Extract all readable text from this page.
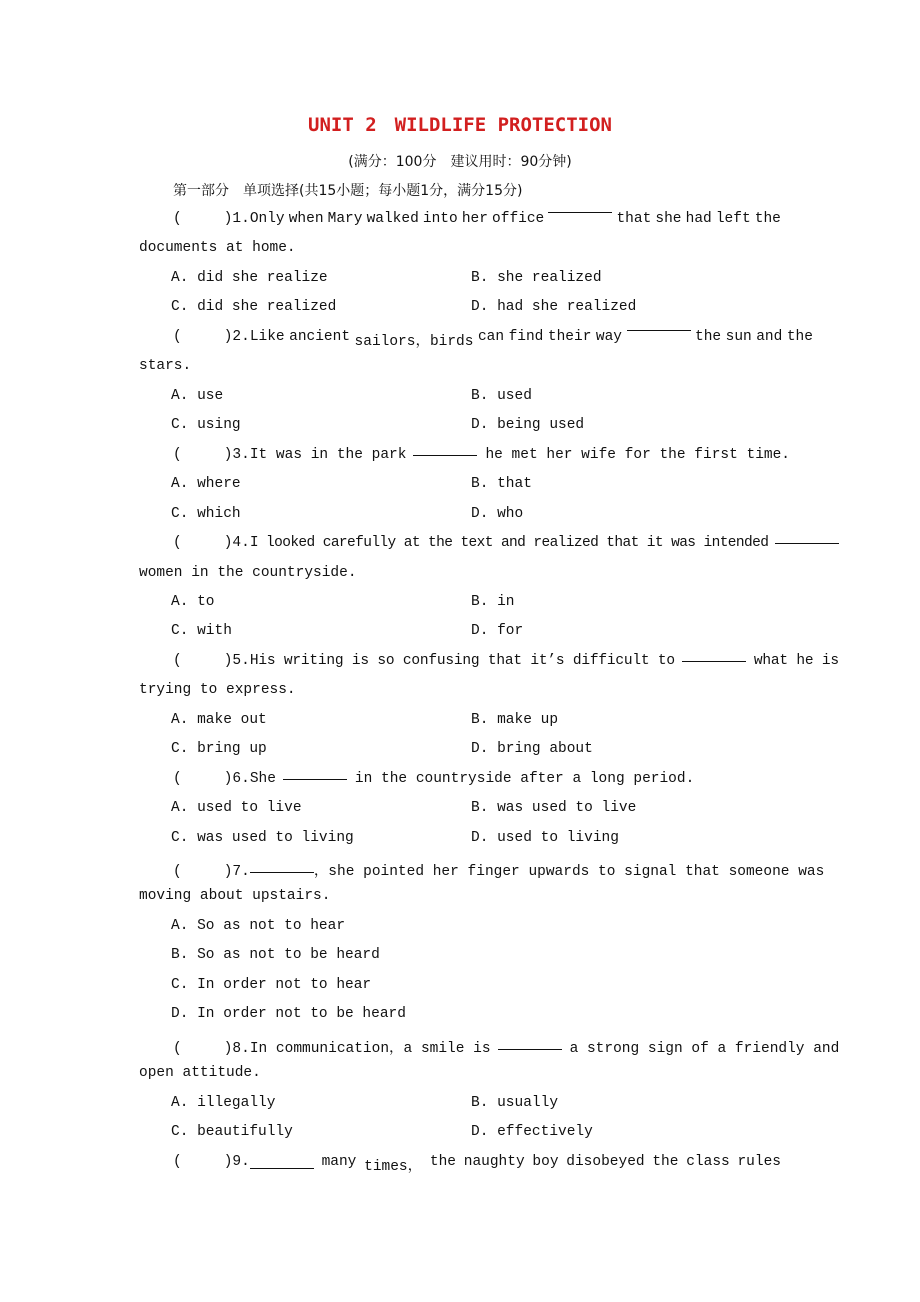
UNIT 2 WILDLIFE PROTECTION
(满分：100分　建议用时：90分钟)
第一部分　单项选择(共15小题；每小题1分，满分15分)
(	)1.Only when Mary walked into her office	that she had left the
documents at home.
A. did she realize	B. she realized
C. did she realized	D. had she realized
(	)2.Like ancient sailors，birds can find their way	the sun and the
stars.
A. use	B. used
C. using	D. being used
(	)3.It was in the park	he met her wife for the first time.
A. where	B. that
C. which	D. who
(	)4.I looked carefully at the text and realized that it was intended
women in the countryside.
A. to	B. in
C. with	D. for
(	)5.His writing is so confusing that it’s difficult to	what he is
trying to express.
A. make out	B. make up
C. bring up	D. bring about
(	)6.She	in the countryside after a long period.
A. used to live	B. was used to live
C. was used to living	D. used to living
(	)7.	，she pointed her finger upwards to signal that someone was
moving about upstairs.
A. So as not to hear
B. So as not to be heard
C. In order not to hear
D. In order not to be heard
(	)8.In communication，a smile is	a strong sign of a friendly and
open attitude.
A. illegally	B. usually
C. beautifully	D. effectively
(	)9.	many times， the naughty boy disobeyed the class rules
